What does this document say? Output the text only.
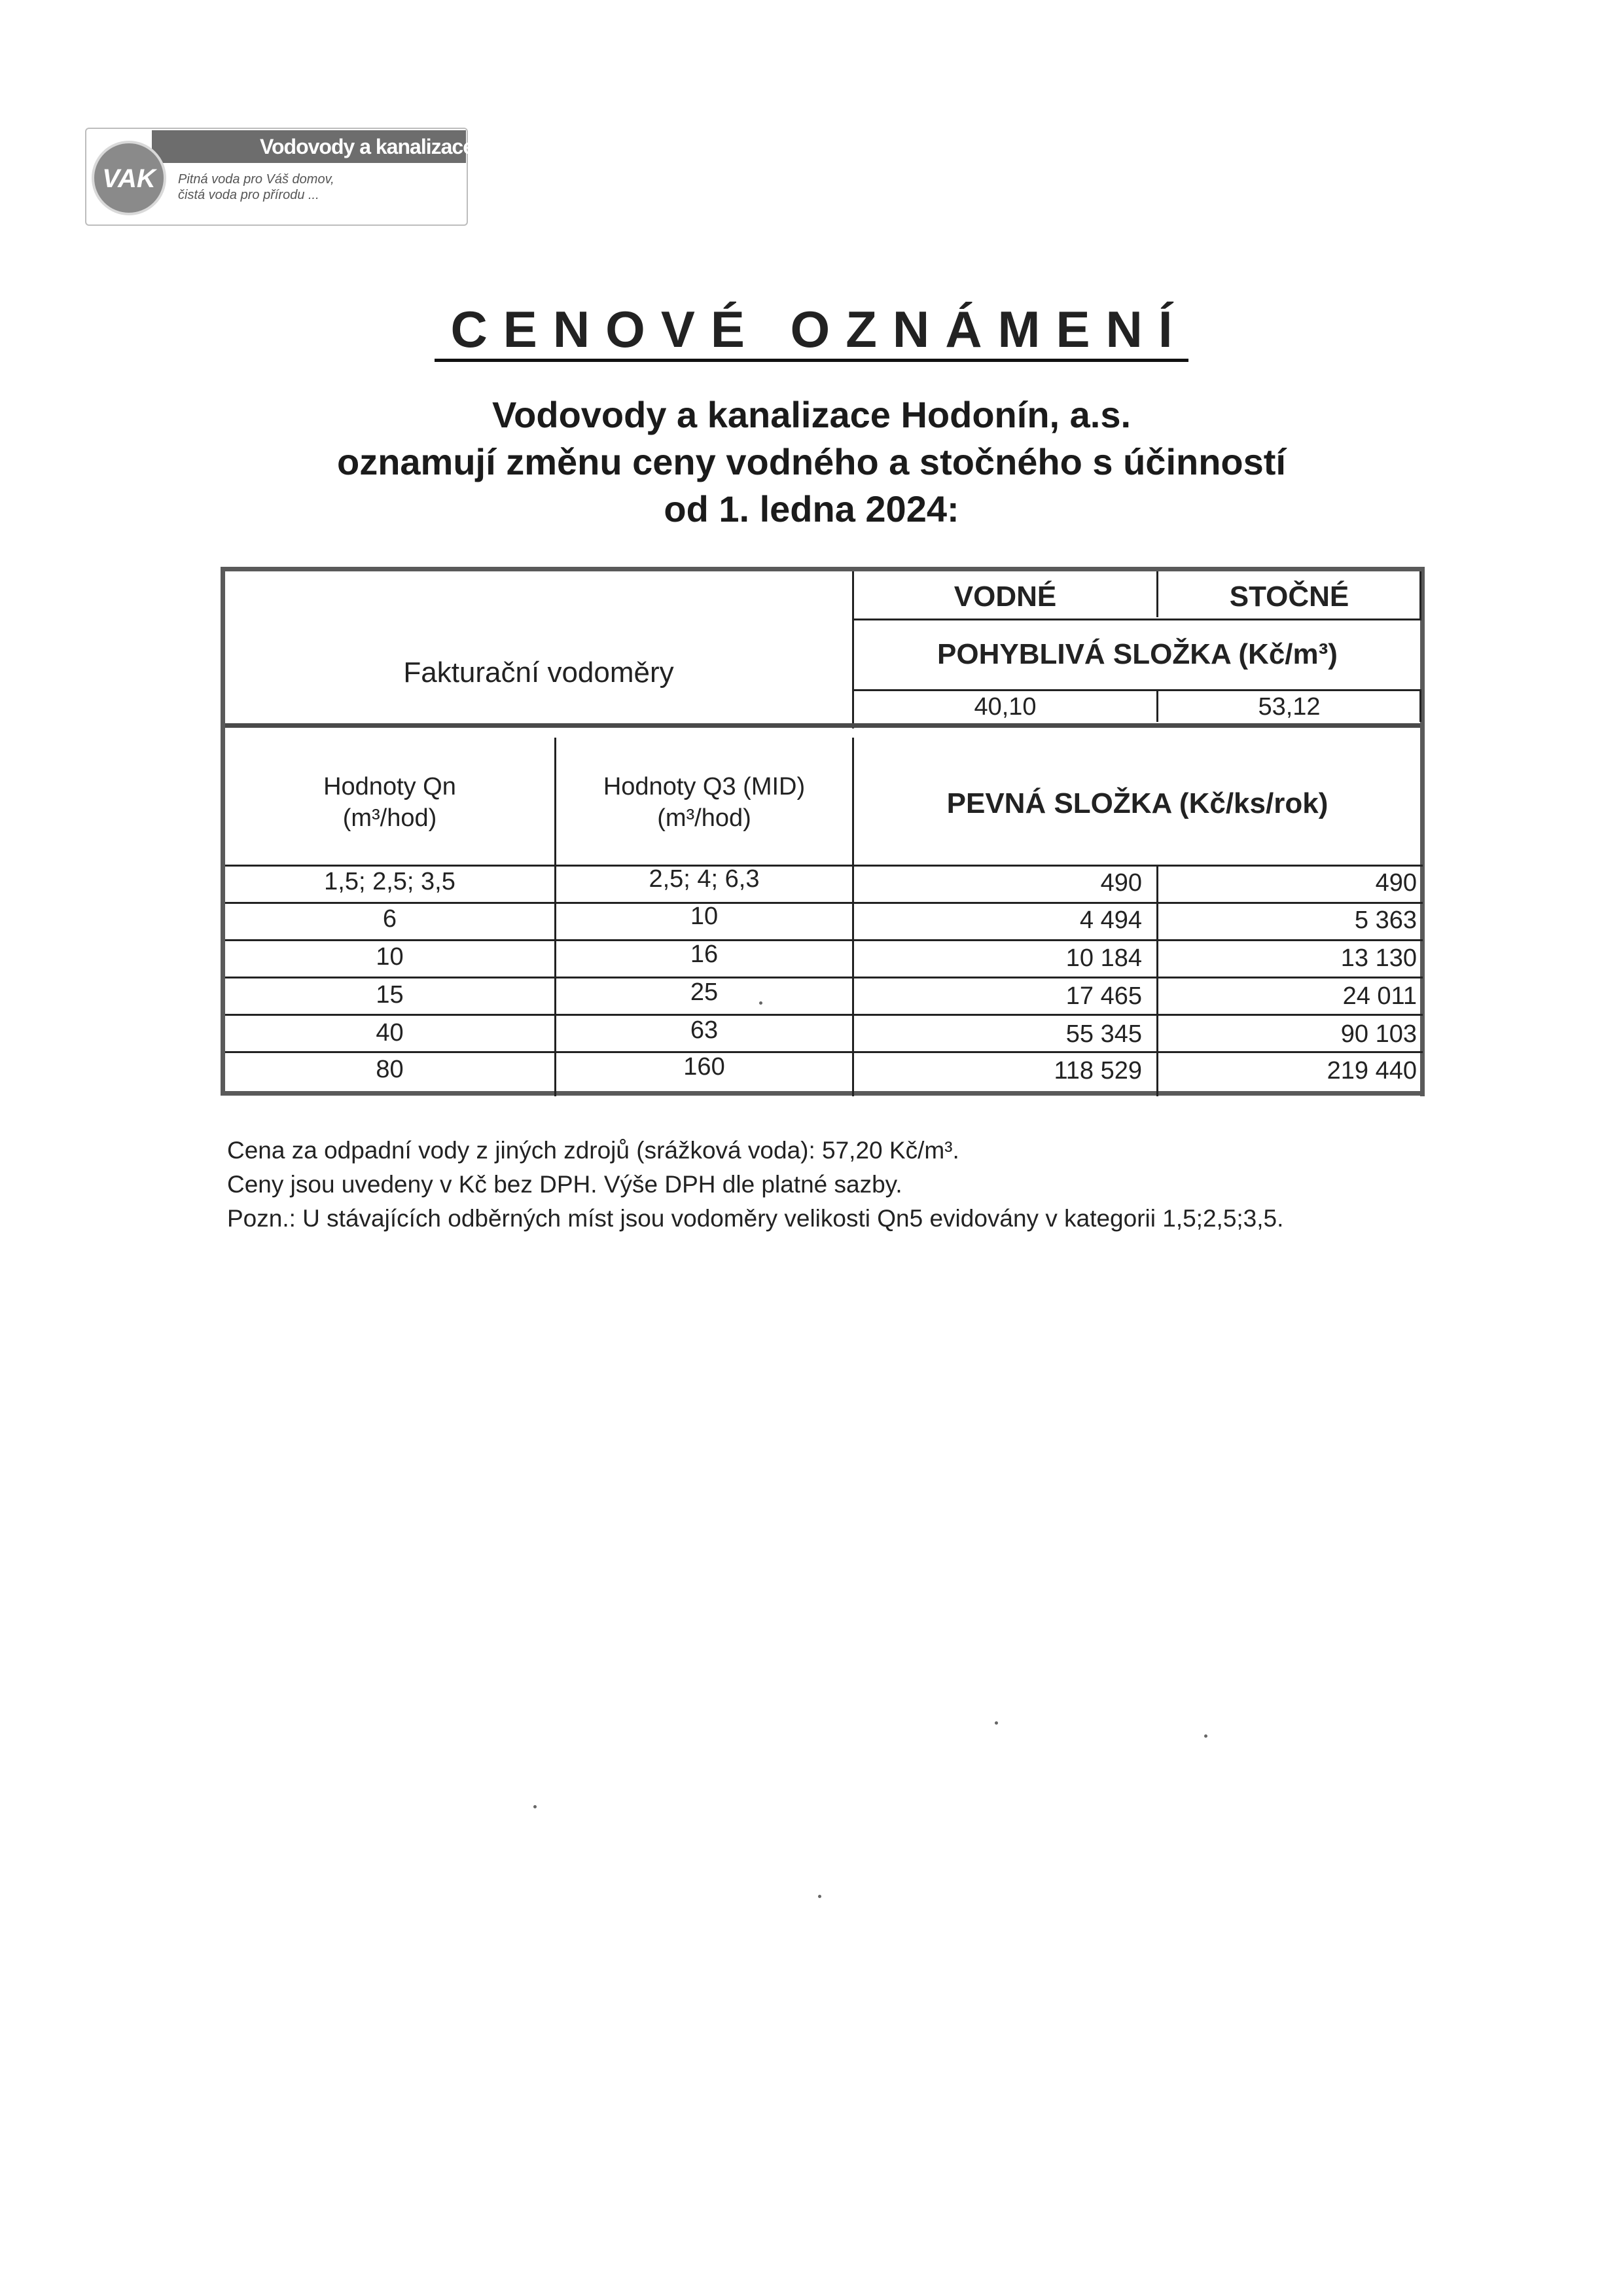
Vodovody a kanalizace Hodonín, a.s.
VAK	Pitná voda pro Váš domov,
čistá voda pro přírodu ...
CENOVÉ OZNÁMENÍ
Vodovody a kanalizace Hodonín, a.s.
oznamují změnu ceny vodného a stočného s účinností
od 1. ledna 2024:
Fakturační vodoměry
VODNÉ	STOČNÉ
POHYBLIVÁ SLOŽKA (Kč/m³)
40,10	53,12
Hodnoty Qn
(m³/hod)
Hodnoty Q3 (MID)
(m³/hod)	PEVNÁ SLOŽKA (Kč/ks/rok)
1,5; 2,5; 3,5	2,5; 4; 6,3	490	490
6	10	4 494	5 363
10	16	10 184	13 130
15	25	17 465	24 011
40	63	55 345	90 103
80	160	118 529	219 440
Cena za odpadní vody z jiných zdrojů (srážková voda): 57,20 Kč/m³.
Ceny jsou uvedeny v Kč bez DPH. Výše DPH dle platné sazby.
Pozn.: U stávajících odběrných míst jsou vodoměry velikosti Qn5 evidovány v kategorii 1,5;2,5;3,5.
